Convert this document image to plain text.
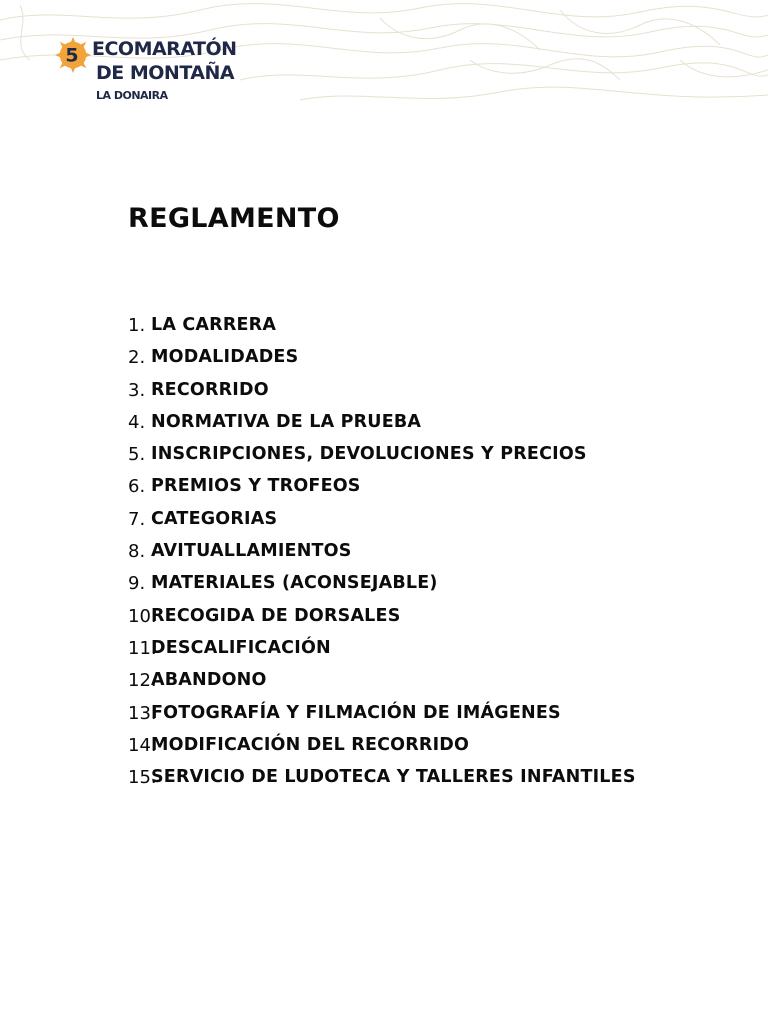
5 ECOMARATÓN
DE MONTAÑA
LA DONAIRA
REGLAMENTO
1. LA CARRERA
2. MODALIDADES
3. RECORRIDO
4. NORMATIVA DE LA PRUEBA
5. INSCRIPCIONES, DEVOLUCIONES Y PRECIOS
6. PREMIOS Y TROFEOS
7. CATEGORIAS
8. AVITUALLAMIENTOS
9. MATERIALES (ACONSEJABLE)
10.
RECOGIDA DE DORSALES
11.
DESCALIFICACIÓN
12.
ABANDONO
13.
FOTOGRAFÍA Y FILMACIÓN DE IMÁGENES
14.
MODIFICACIÓN DEL RECORRIDO
15.
SERVICIO DE LUDOTECA Y TALLERES INFANTILES
